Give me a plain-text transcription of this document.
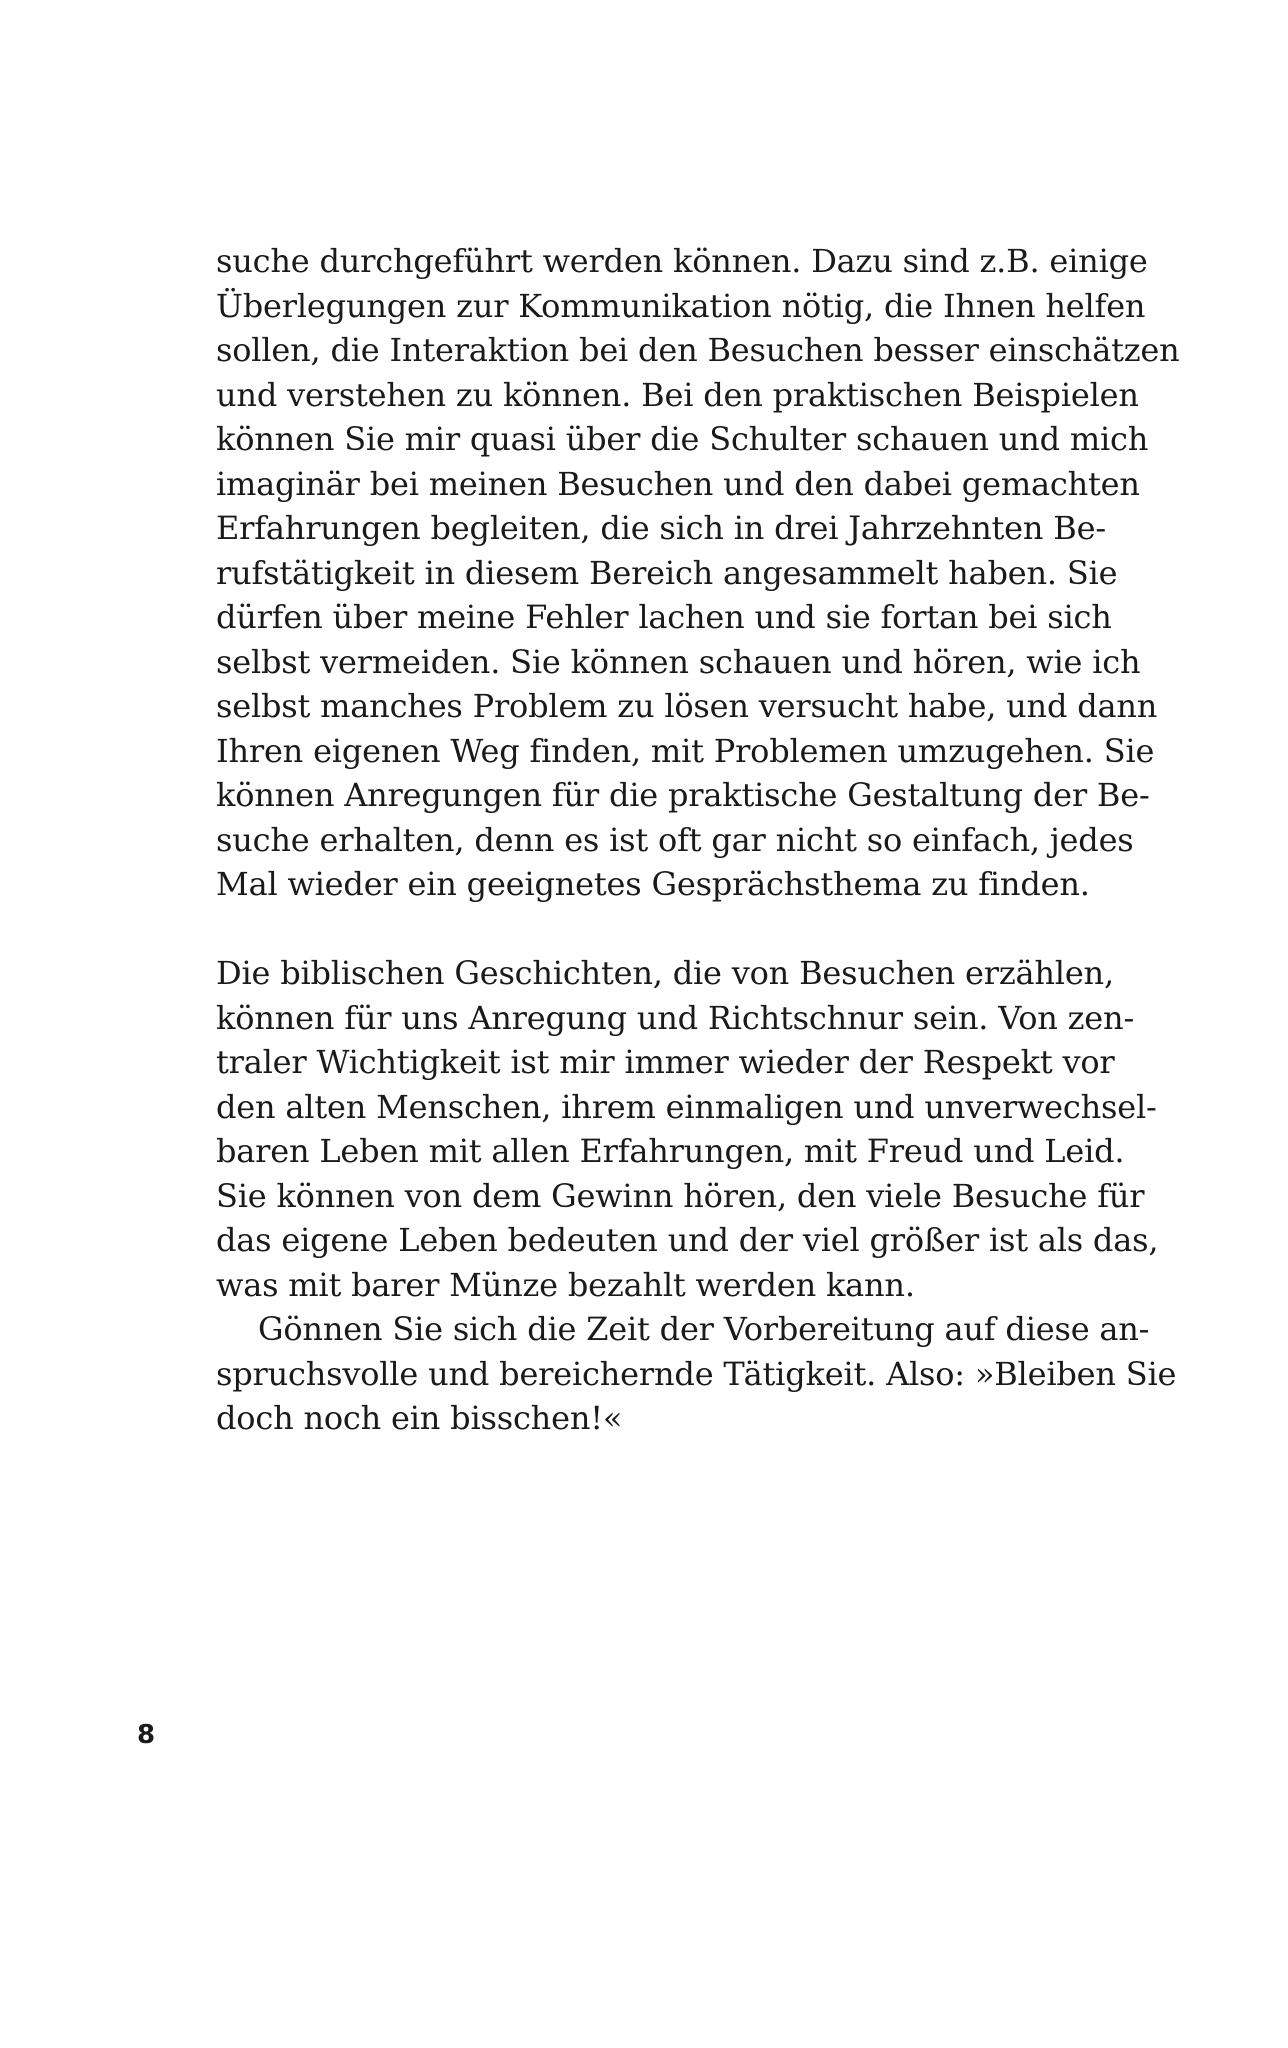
suche durchgeführt werden können. Dazu sind z.B. einige
Überlegungen zur Kommunikation nötig, die Ihnen helfen
sollen, die Interaktion bei den Besuchen besser einschätzen
und verstehen zu können. Bei den praktischen Beispielen
können Sie mir quasi über die Schulter schauen und mich
imaginär bei meinen Besuchen und den dabei gemachten
Erfahrungen begleiten, die sich in drei Jahrzehnten Be-
rufstätigkeit in diesem Bereich angesammelt haben. Sie
dürfen über meine Fehler lachen und sie fortan bei sich
selbst vermeiden. Sie können schauen und hören, wie ich
selbst manches Problem zu lösen versucht habe, und dann
Ihren eigenen Weg finden, mit Problemen umzugehen. Sie
können Anregungen für die praktische Gestaltung der Be-
suche erhalten, denn es ist oft gar nicht so einfach, jedes
Mal wieder ein geeignetes Gesprächsthema zu finden.
Die biblischen Geschichten, die von Besuchen erzählen,
können für uns Anregung und Richtschnur sein. Von zen-
traler Wichtigkeit ist mir immer wieder der Respekt vor
den alten Menschen, ihrem einmaligen und unverwechsel-
baren Leben mit allen Erfahrungen, mit Freud und Leid.
Sie können von dem Gewinn hören, den viele Besuche für
das eigene Leben bedeuten und der viel größer ist als das,
was mit barer Münze bezahlt werden kann.
Gönnen Sie sich die Zeit der Vorbereitung auf diese an-
spruchsvolle und bereichernde Tätigkeit. Also: »Bleiben Sie
doch noch ein bisschen!«
8
